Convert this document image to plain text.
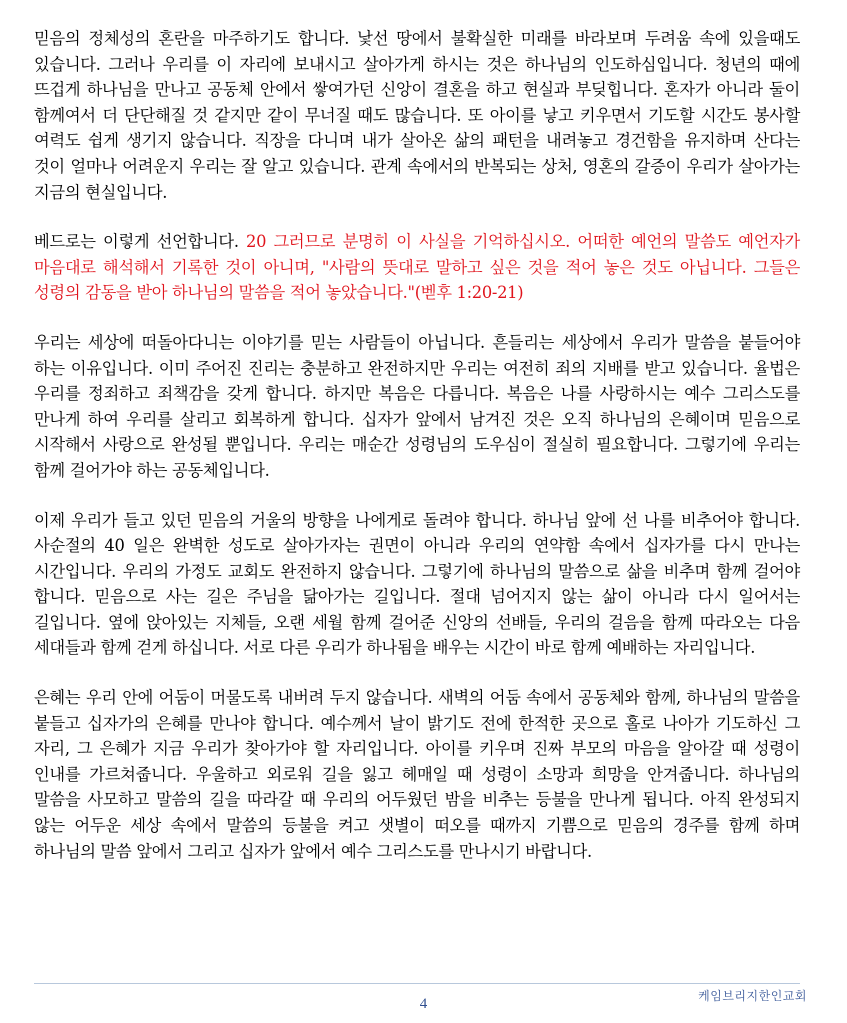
믿음의 정체성의 혼란을 마주하기도 합니다. 낯선 땅에서 불확실한 미래를 바라보며 두려움 속에 있을때도 있습니다. 그러나 우리를 이 자리에 보내시고 살아가게 하시는 것은 하나님의 인도하심입니다. 청년의 때에 뜨겁게 하나님을 만나고 공동체 안에서 쌓여가던 신앙이 결혼을 하고 현실과 부딪힙니다. 혼자가 아니라 둘이 함께여서 더 단단해질 것 같지만 같이 무너질 때도 많습니다. 또 아이를 낳고 키우면서 기도할 시간도 봉사할 여력도 쉽게 생기지 않습니다. 직장을 다니며 내가 살아온 삶의 패턴을 내려놓고 경건함을 유지하며 산다는 것이 얼마나 어려운지 우리는 잘 알고 있습니다. 관계 속에서의 반복되는 상처, 영혼의 갈증이 우리가 살아가는 지금의 현실입니다.

베드로는 이렇게 선언합니다. 20 그러므로 분명히 이 사실을 기억하십시오. 어떠한 예언의 말씀도 예언자가 마음대로 해석해서 기록한 것이 아니며, "사람의 뜻대로 말하고 싶은 것을 적어 놓은 것도 아닙니다. 그들은 성령의 감동을 받아 하나님의 말씀을 적어 놓았습니다."(벧후 1:20-21)

우리는 세상에 떠돌아다니는 이야기를 믿는 사람들이 아닙니다. 흔들리는 세상에서 우리가 말씀을 붙들어야 하는 이유입니다. 이미 주어진 진리는 충분하고 완전하지만 우리는 여전히 죄의 지배를 받고 있습니다. 율법은 우리를 정죄하고 죄책감을 갖게 합니다. 하지만 복음은 다릅니다. 복음은 나를 사랑하시는 예수 그리스도를 만나게 하여 우리를 살리고 회복하게 합니다. 십자가 앞에서 남겨진 것은 오직 하나님의 은혜이며 믿음으로 시작해서 사랑으로 완성될 뿐입니다. 우리는 매순간 성령님의 도우심이 절실히 필요합니다. 그렇기에 우리는 함께 걸어가야 하는 공동체입니다.

이제 우리가 들고 있던 믿음의 거울의 방향을 나에게로 돌려야 합니다. 하나님 앞에 선 나를 비추어야 합니다. 사순절의 40 일은 완벽한 성도로 살아가자는 권면이 아니라 우리의 연약함 속에서 십자가를 다시 만나는 시간입니다. 우리의 가정도 교회도 완전하지 않습니다. 그렇기에 하나님의 말씀으로 삶을 비추며 함께 걸어야 합니다. 믿음으로 사는 길은 주님을 닮아가는 길입니다. 절대 넘어지지 않는 삶이 아니라 다시 일어서는 길입니다. 옆에 앉아있는 지체들, 오랜 세월 함께 걸어준 신앙의 선배들, 우리의 걸음을 함께 따라오는 다음 세대들과 함께 걷게 하십니다. 서로 다른 우리가 하나됨을 배우는 시간이 바로 함께 예배하는 자리입니다.

은혜는 우리 안에 어둠이 머물도록 내버려 두지 않습니다. 새벽의 어둠 속에서 공동체와 함께, 하나님의 말씀을 붙들고 십자가의 은혜를 만나야 합니다. 예수께서 날이 밝기도 전에 한적한 곳으로 홀로 나아가 기도하신 그 자리, 그 은혜가 지금 우리가 찾아가야 할 자리입니다. 아이를 키우며 진짜 부모의 마음을 알아갈 때 성령이 인내를 가르쳐줍니다. 우울하고 외로워 길을 잃고 헤매일 때 성령이 소망과 희망을 안겨줍니다. 하나님의 말씀을 사모하고 말씀의 길을 따라갈 때 우리의 어두웠던 밤을 비추는 등불을 만나게 됩니다. 아직 완성되지 않는 어두운 세상 속에서 말씀의 등불을 켜고 샛별이 떠오를 때까지 기쁨으로 믿음의 경주를 함께 하며 하나님의 말씀 앞에서 그리고 십자가 앞에서 예수 그리스도를 만나시기 바랍니다.

케임브리지한인교회
4
